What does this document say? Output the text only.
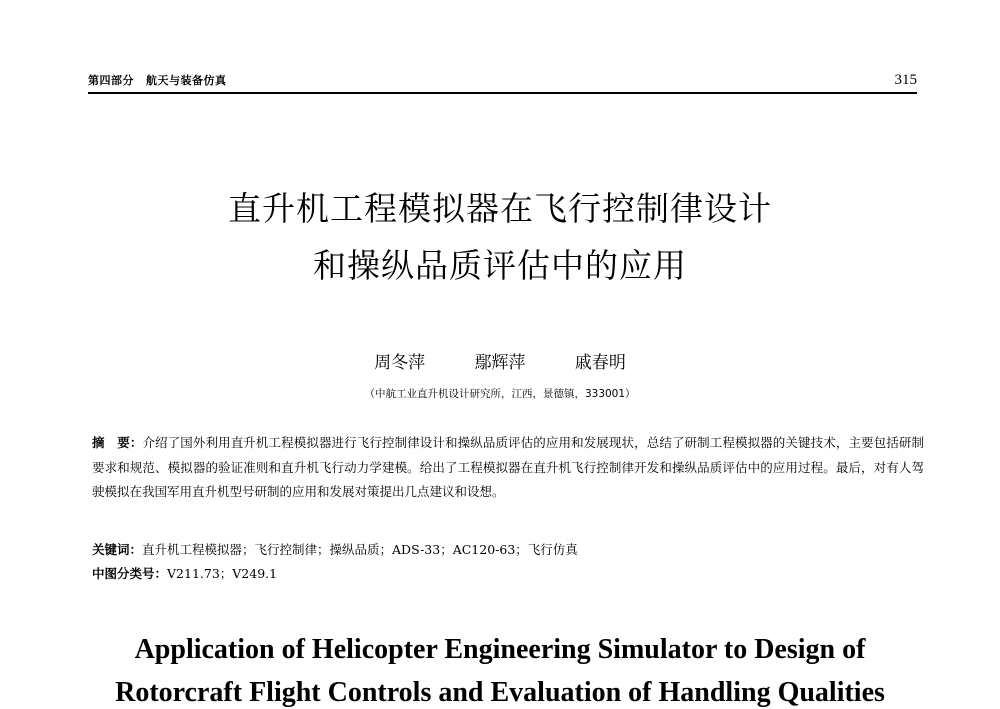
第四部分 航天与装备仿真	315
直升机工程模拟器在飞行控制律设计
和操纵品质评估中的应用
周冬萍	鄢辉萍	戚春明
（中航工业直升机设计研究所，江西，景德镇，333001）
摘　要：介绍了国外利用直升机工程模拟器进行飞行控制律设计和操纵品质评估的应用和发展现状，总结了研制工程模拟器的关键技术，主要包括研制要求和规范、模拟器的验证准则和直升机飞行动力学建模。给出了工程模拟器在直升机飞行控制律开发和操纵品质评估中的应用过程。最后，对有人驾驶模拟在我国军用直升机型号研制的应用和发展对策提出几点建议和设想。
关键词：直升机工程模拟器；飞行控制律；操纵品质；ADS-33；AC120-63；飞行仿真
中图分类号：V211.73；V249.1
Application of Helicopter Engineering Simulator to Design of
Rotorcraft Flight Controls and Evaluation of Handling Qualities
